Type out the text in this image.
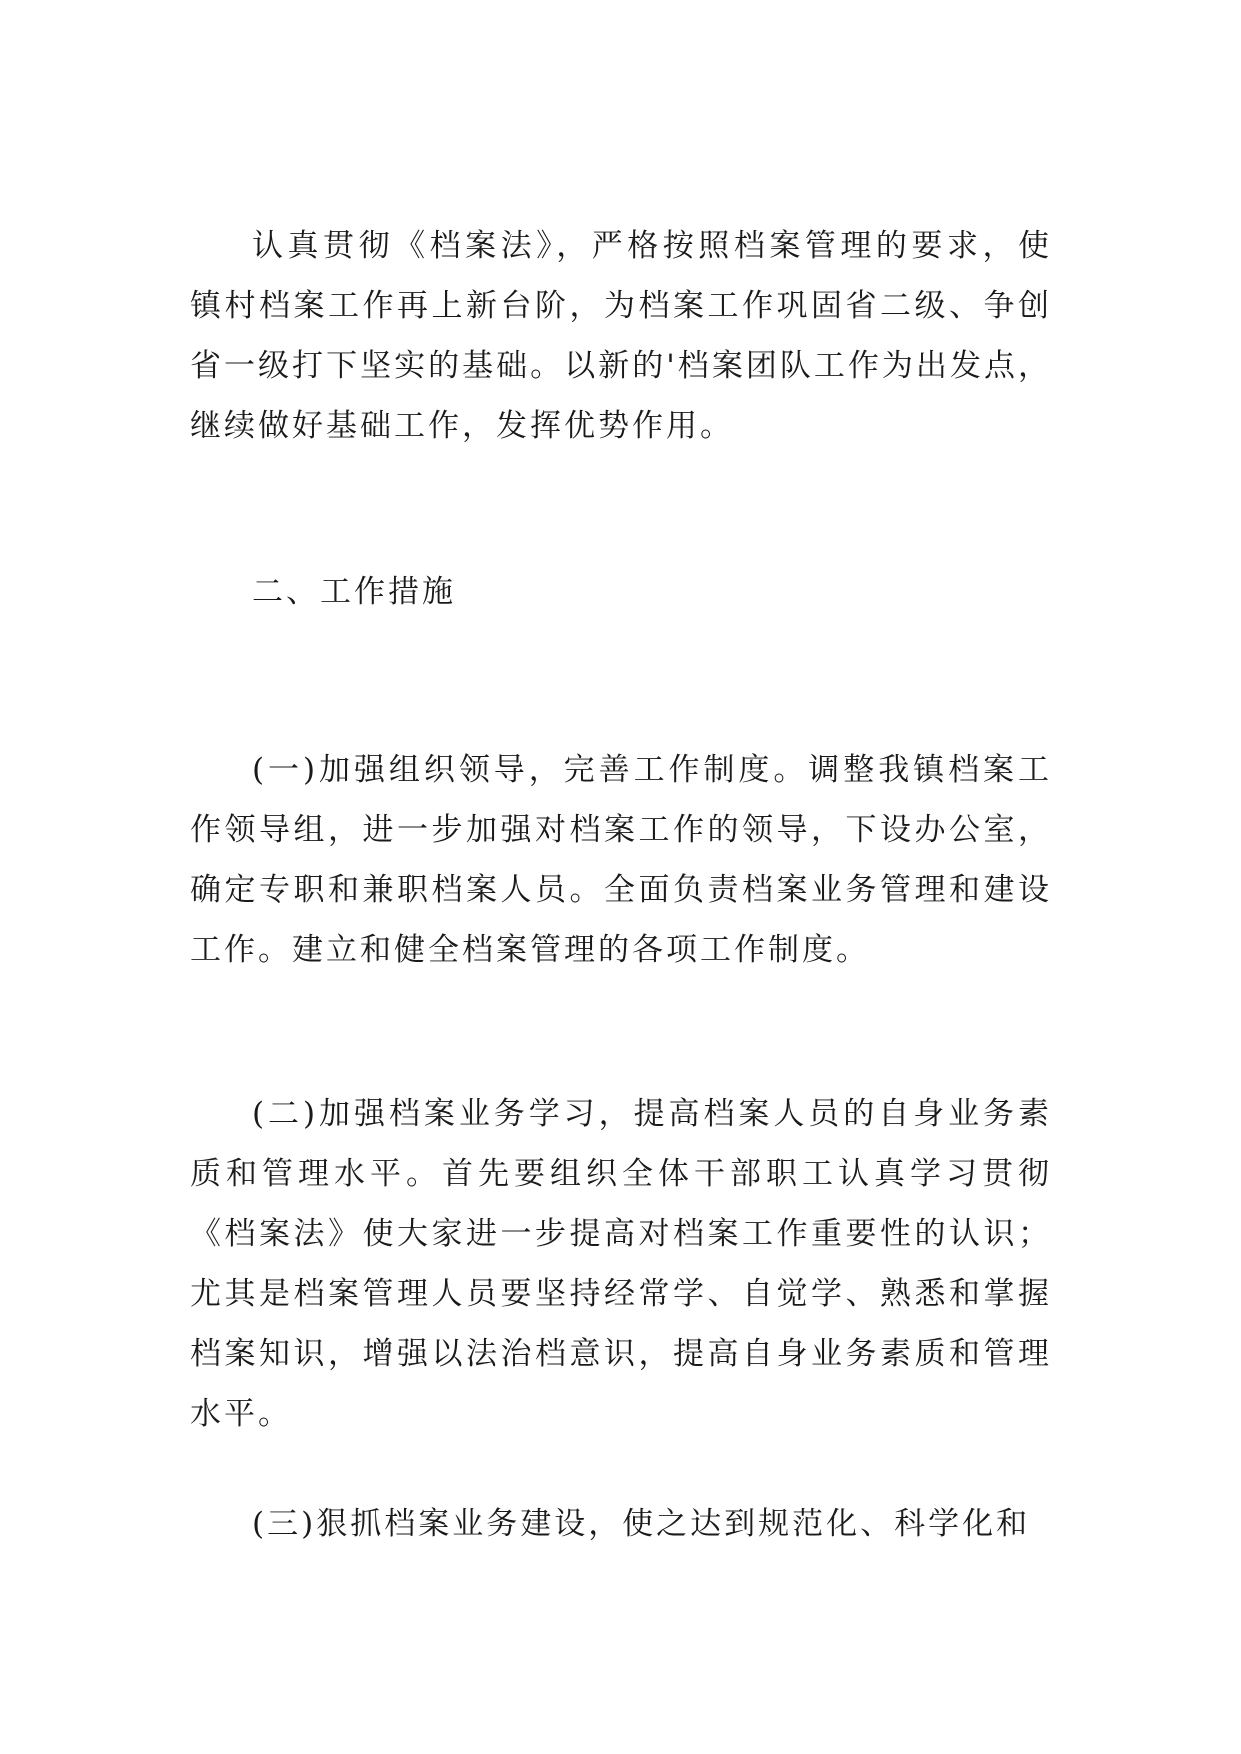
认真贯彻《档案法》，严格按照档案管理的要求，使镇村档案工作再上新台阶，为档案工作巩固省二级、争创省一级打下坚实的基础。以新的'档案团队工作为出发点，继续做好基础工作，发挥优势作用。

二、工作措施

(一)加强组织领导，完善工作制度。调整我镇档案工作领导组，进一步加强对档案工作的领导，下设办公室，确定专职和兼职档案人员。全面负责档案业务管理和建设工作。建立和健全档案管理的各项工作制度。

(二)加强档案业务学习，提高档案人员的自身业务素质和管理水平。首先要组织全体干部职工认真学习贯彻《档案法》使大家进一步提高对档案工作重要性的认识；尤其是档案管理人员要坚持经常学、自觉学、熟悉和掌握档案知识，增强以法治档意识，提高自身业务素质和管理水平。

(三)狠抓档案业务建设，使之达到规范化、科学化和
